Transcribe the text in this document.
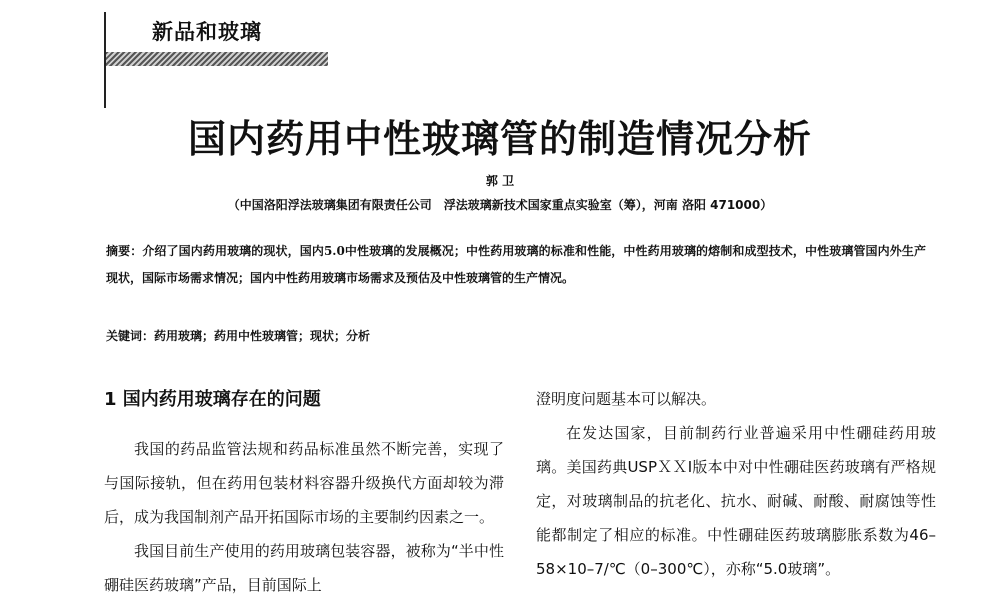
新品和玻璃
国内药用中性玻璃管的制造情况分析
郭 卫
（中国洛阳浮法玻璃集团有限责任公司　浮法玻璃新技术国家重点实验室（筹），河南 洛阳 471000）
摘要：介绍了国内药用玻璃的现状，国内5.0中性玻璃的发展概况；中性药用玻璃的标准和性能，中性药用玻璃的熔制和成型技术，中性玻璃管国内外生产现状，国际市场需求情况；国内中性药用玻璃市场需求及预估及中性玻璃管的生产情况。
关键词：药用玻璃；药用中性玻璃管；现状；分析
1 国内药用玻璃存在的问题

我国的药品监管法规和药品标准虽然不断完善，实现了与国际接轨，但在药用包装材料容器升级换代方面却较为滞后，成为我国制剂产品开拓国际市场的主要制约因素之一。

我国目前生产使用的药用玻璃包装容器，被称为“半中性硼硅医药玻璃”产品，目前国际上

澄明度问题基本可以解决。

在发达国家，目前制药行业普遍采用中性硼硅药用玻璃。美国药典USPＸＸⅠ版本中对中性硼硅医药玻璃有严格规定，对玻璃制品的抗老化、抗水、耐碱、耐酸、耐腐蚀等性能都制定了相应的标准。中性硼硅医药玻璃膨胀系数为46–58×10–7/℃（0–300℃），亦称“5.0玻璃”。
